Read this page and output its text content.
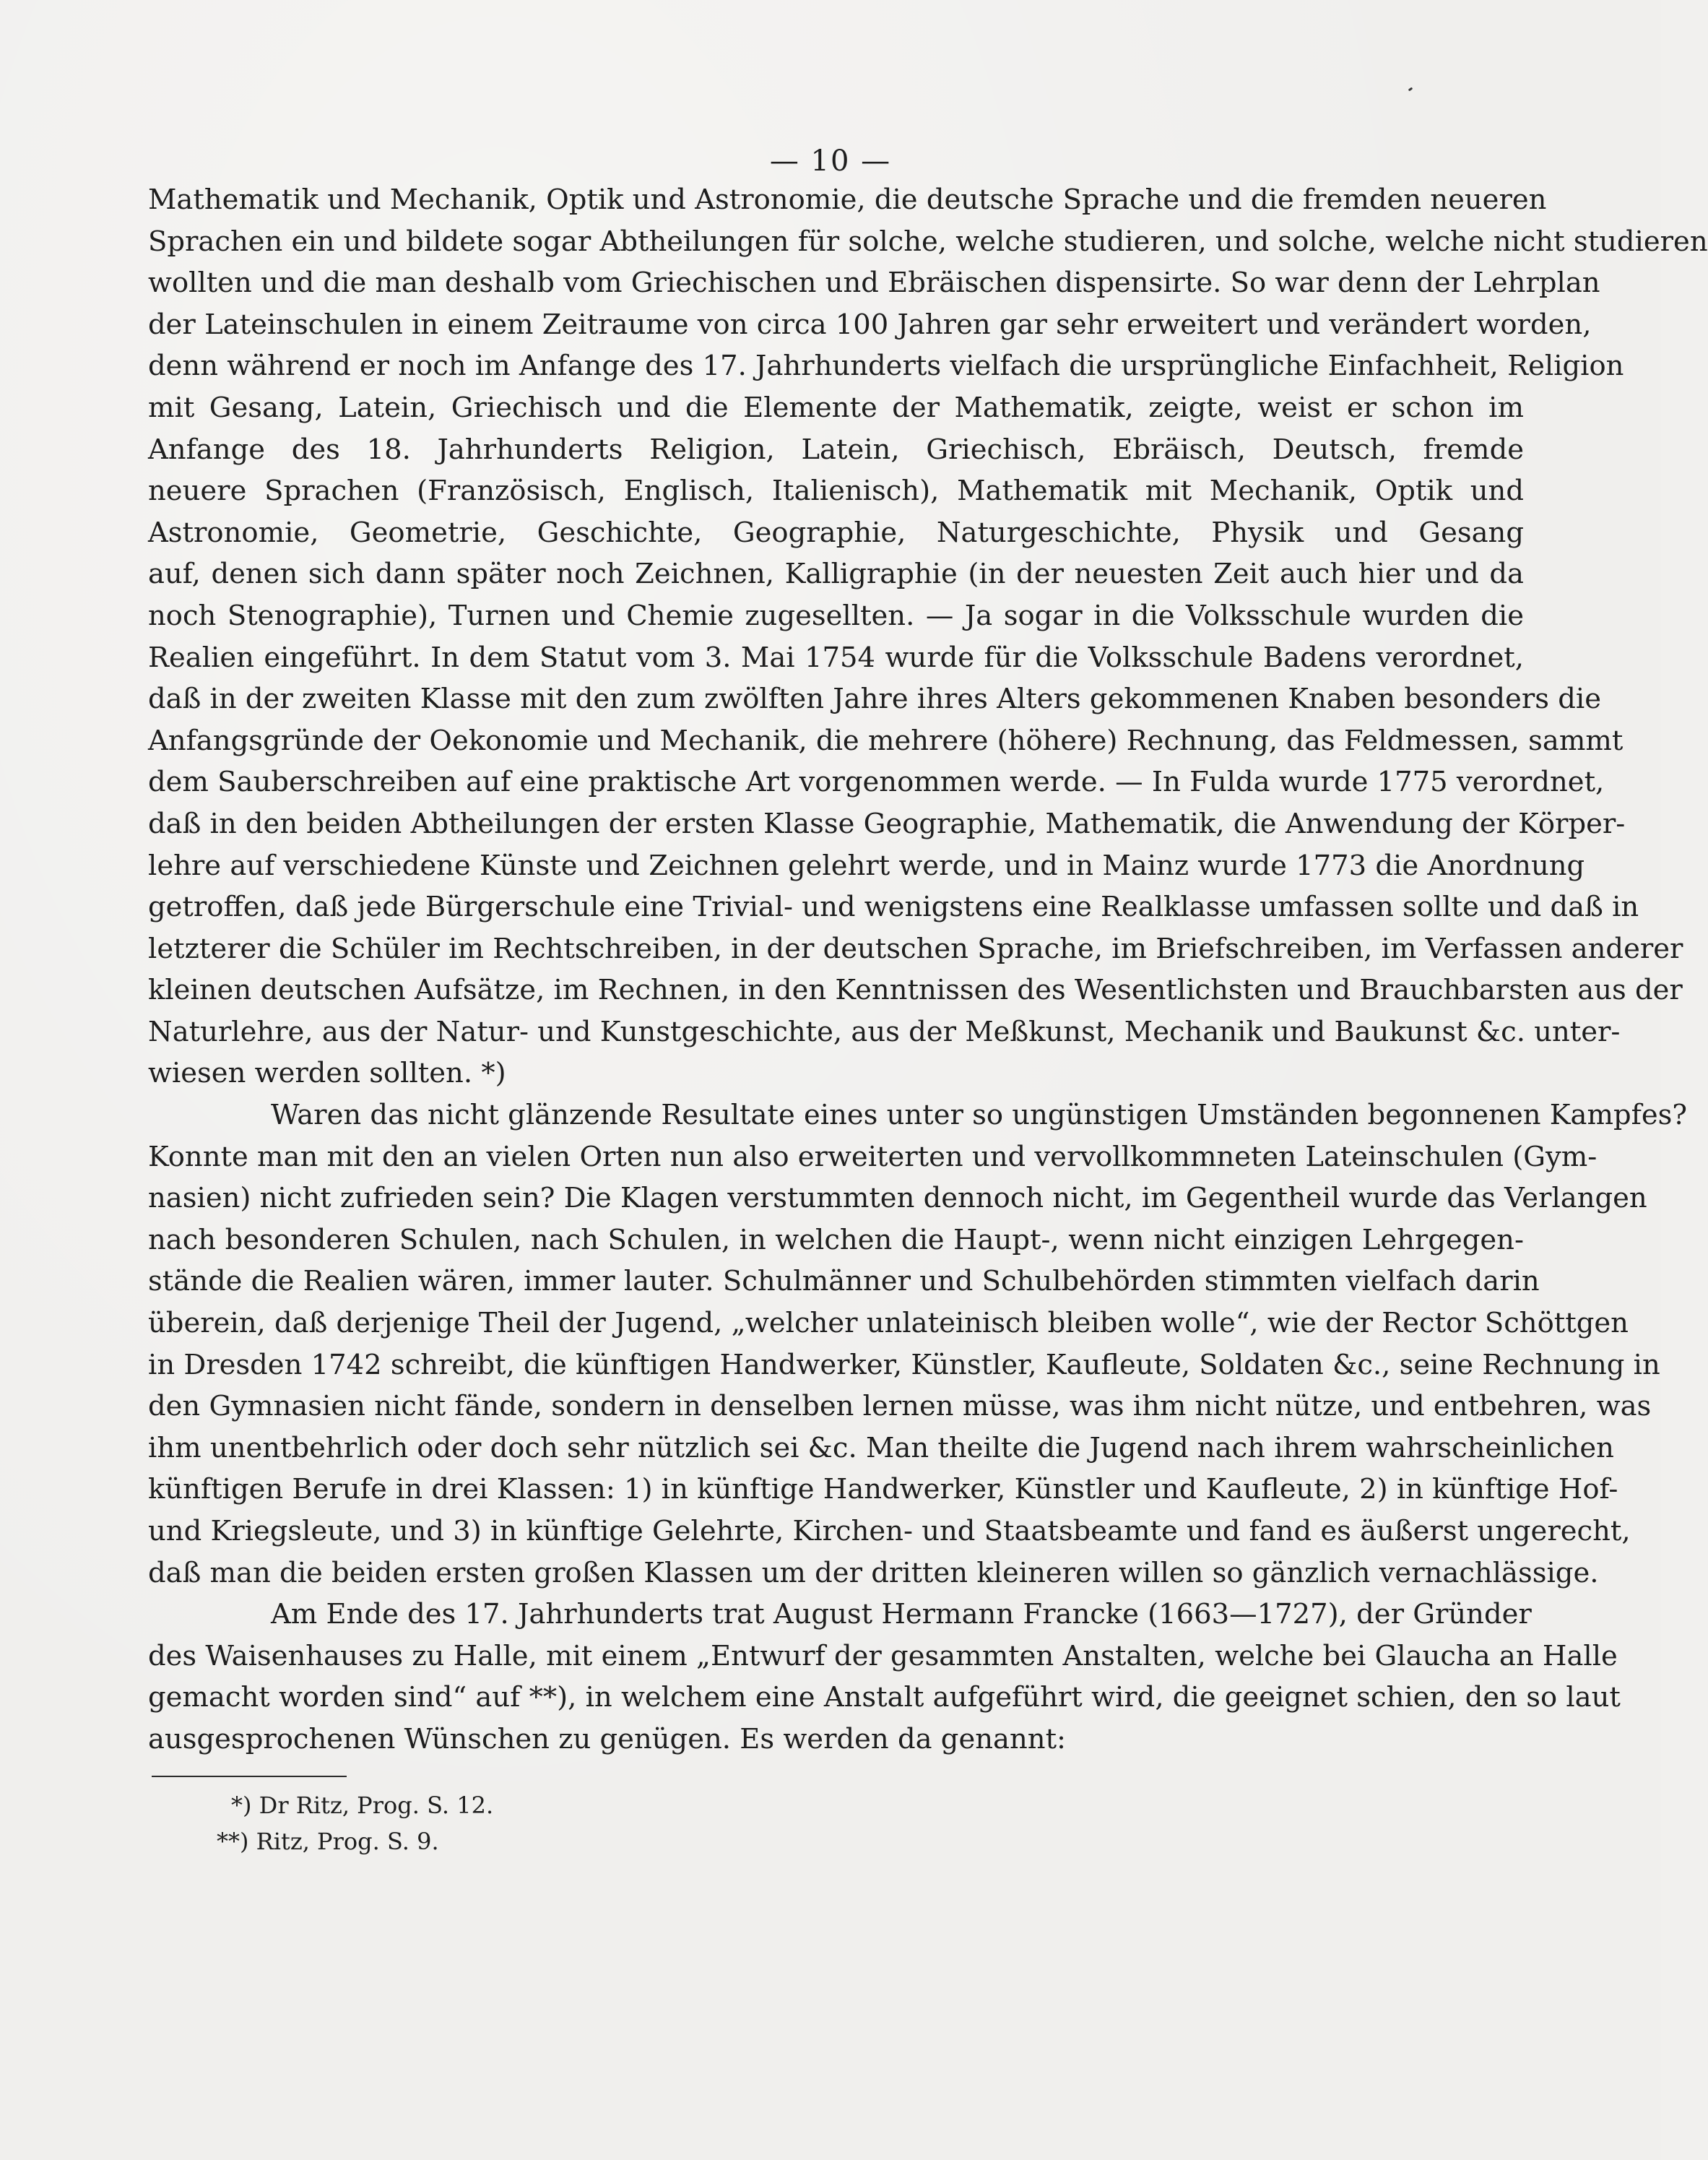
— 10 —
Mathematik und Mechanik, Optik und Astronomie, die deutsche Sprache und die fremden neueren
Sprachen ein und bildete sogar Abtheilungen für solche, welche studieren, und solche, welche nicht studieren
wollten und die man deshalb vom Griechischen und Ebräischen dispensirte. So war denn der Lehrplan
der Lateinschulen in einem Zeitraume von circa 100 Jahren gar sehr erweitert und verändert worden,
denn während er noch im Anfange des 17. Jahrhunderts vielfach die ursprüngliche Einfachheit, Religion
mit Gesang, Latein, Griechisch und die Elemente der Mathematik, zeigte, weist er schon im
Anfange des 18. Jahrhunderts Religion, Latein, Griechisch, Ebräisch, Deutsch, fremde
neuere Sprachen (Französisch, Englisch, Italienisch), Mathematik mit Mechanik, Optik und
Astronomie, Geometrie, Geschichte, Geographie, Naturgeschichte, Physik und Gesang
auf, denen sich dann später noch Zeichnen, Kalligraphie (in der neuesten Zeit auch hier und da
noch Stenographie), Turnen und Chemie zugesellten. — Ja sogar in die Volksschule wurden die
Realien eingeführt. In dem Statut vom 3. Mai 1754 wurde für die Volksschule Badens verordnet,
daß in der zweiten Klasse mit den zum zwölften Jahre ihres Alters gekommenen Knaben besonders die
Anfangsgründe der Oekonomie und Mechanik, die mehrere (höhere) Rechnung, das Feldmessen, sammt
dem Sauberschreiben auf eine praktische Art vorgenommen werde. — In Fulda wurde 1775 verordnet,
daß in den beiden Abtheilungen der ersten Klasse Geographie, Mathematik, die Anwendung der Körper-
lehre auf verschiedene Künste und Zeichnen gelehrt werde, und in Mainz wurde 1773 die Anordnung
getroffen, daß jede Bürgerschule eine Trivial- und wenigstens eine Realklasse umfassen sollte und daß in
letzterer die Schüler im Rechtschreiben, in der deutschen Sprache, im Briefschreiben, im Verfassen anderer
kleinen deutschen Aufsätze, im Rechnen, in den Kenntnissen des Wesentlichsten und Brauchbarsten aus der
Naturlehre, aus der Natur- und Kunstgeschichte, aus der Meßkunst, Mechanik und Baukunst &c. unter-
wiesen werden sollten. *)
Waren das nicht glänzende Resultate eines unter so ungünstigen Umständen begonnenen Kampfes?
Konnte man mit den an vielen Orten nun also erweiterten und vervollkommneten Lateinschulen (Gym-
nasien) nicht zufrieden sein? Die Klagen verstummten dennoch nicht, im Gegentheil wurde das Verlangen
nach besonderen Schulen, nach Schulen, in welchen die Haupt-, wenn nicht einzigen Lehrgegen-
stände die Realien wären, immer lauter. Schulmänner und Schulbehörden stimmten vielfach darin
überein, daß derjenige Theil der Jugend, „welcher unlateinisch bleiben wolle“, wie der Rector Schöttgen
in Dresden 1742 schreibt, die künftigen Handwerker, Künstler, Kaufleute, Soldaten &c., seine Rechnung in
den Gymnasien nicht fände, sondern in denselben lernen müsse, was ihm nicht nütze, und entbehren, was
ihm unentbehrlich oder doch sehr nützlich sei &c. Man theilte die Jugend nach ihrem wahrscheinlichen
künftigen Berufe in drei Klassen: 1) in künftige Handwerker, Künstler und Kaufleute, 2) in künftige Hof-
und Kriegsleute, und 3) in künftige Gelehrte, Kirchen- und Staatsbeamte und fand es äußerst ungerecht,
daß man die beiden ersten großen Klassen um der dritten kleineren willen so gänzlich vernachlässige.
Am Ende des 17. Jahrhunderts trat August Hermann Francke (1663—1727), der Gründer
des Waisenhauses zu Halle, mit einem „Entwurf der gesammten Anstalten, welche bei Glaucha an Halle
gemacht worden sind“ auf **), in welchem eine Anstalt aufgeführt wird, die geeignet schien, den so laut
ausgesprochenen Wünschen zu genügen. Es werden da genannt:
*) Dr Ritz, Prog. S. 12.
**) Ritz, Prog. S. 9.
